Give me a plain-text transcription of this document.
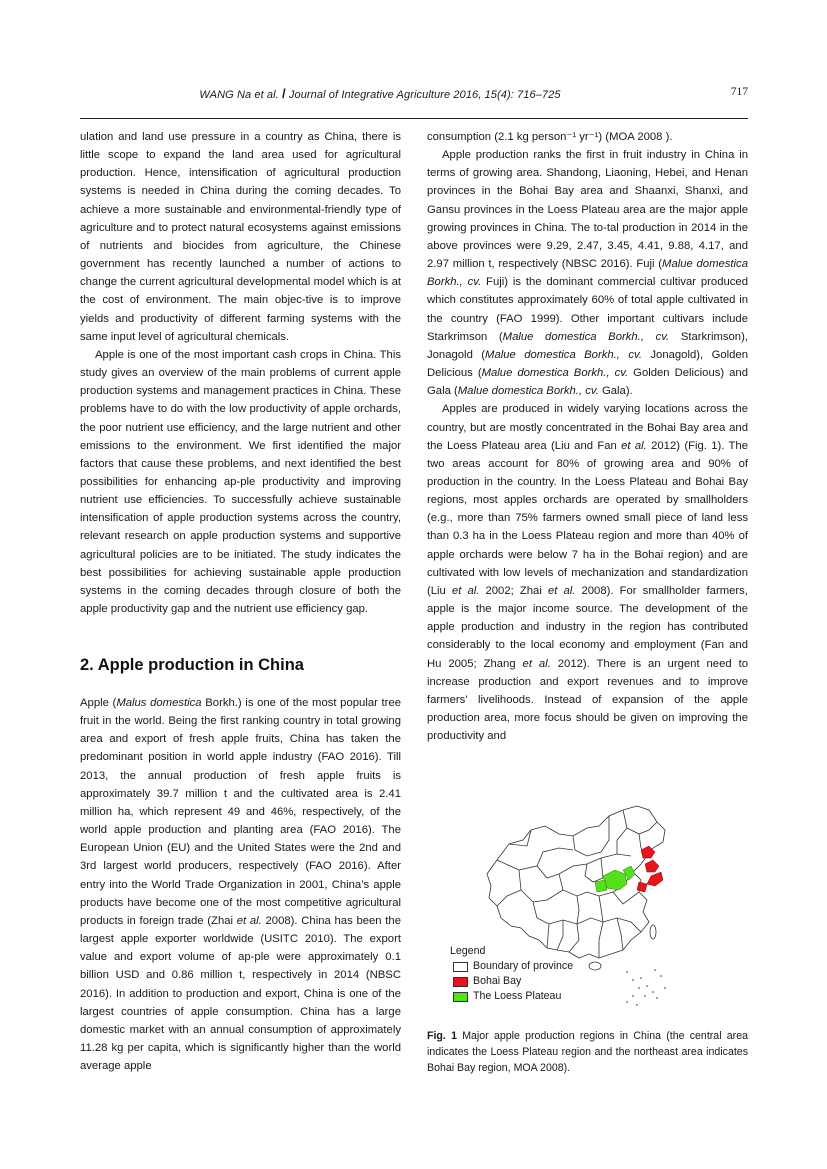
WANG Na et al. / Journal of Integrative Agriculture 2016, 15(4): 716–725	717

ulation and land use pressure in a country as China, there is little scope to expand the land area used for agricultural production. Hence, intensification of agricultural production systems is needed in China during the coming decades. To achieve a more sustainable and environmental-friendly type of agriculture and to protect natural ecosystems against emissions of nutrients and biocides from agriculture, the Chinese government has recently launched a number of actions to change the current agricultural developmental model which is at the cost of environment. The main objec-tive is to improve yields and productivity of different farming systems with the same input level of agricultural chemicals.

Apple is one of the most important cash crops in China. This study gives an overview of the main problems of current apple production systems and management practices in China. These problems have to do with the low productivity of apple orchards, the poor nutrient use efficiency, and the large nutrient and other emissions to the environment. We first identified the major factors that cause these problems, and next identified the best possibilities for enhancing ap-ple productivity and improving nutrient use efficiencies. To successfully achieve sustainable intensification of apple production systems across the country, relevant research on apple production systems and supportive agricultural policies are to be initiated. The study indicates the best possibilities for achieving sustainable apple production systems in the coming decades through closure of both the apple productivity gap and the nutrient use efficiency gap.

2. Apple production in China

Apple (Malus domestica Borkh.) is one of the most popular tree fruit in the world. Being the first ranking country in total growing area and export of fresh apple fruits, China has taken the predominant position in world apple industry (FAO 2016). Till 2013, the annual production of fresh apple fruits is approximately 39.7 million t and the cultivated area is 2.41 million ha, which represent 49 and 46%, respectively, of the world apple production and planting area (FAO 2016). The European Union (EU) and the United States were the 2nd and 3rd largest world producers, respectively (FAO 2016). After entry into the World Trade Organization in 2001, China’s apple products have become one of the most competitive agricultural products in foreign trade (Zhai et al. 2008). China has been the largest apple exporter worldwide (USITC 2010). The export value and export volume of ap-ple were approximately 0.1 billion USD and 0.86 million t, respectively in 2014 (NBSC 2016). In addition to production and export, China is one of the largest countries of apple consumption. China has a large domestic market with an annual consumption of approximately 11.28 kg per capita, which is significantly higher than the world average apple

consumption (2.1 kg person⁻¹ yr⁻¹) (MOA 2008 ).

Apple production ranks the first in fruit industry in China in terms of growing area. Shandong, Liaoning, Hebei, and Henan provinces in the Bohai Bay area and Shaanxi, Shanxi, and Gansu provinces in the Loess Plateau area are the major apple growing provinces in China. The to-tal production in 2014 in the above provinces were 9.29, 2.47, 3.45, 4.41, 9.88, 4.17, and 2.97 million t, respectively (NBSC 2016). Fuji (Malue domestica Borkh., cv. Fuji) is the dominant commercial cultivar produced which constitutes approximately 60% of total apple cultivated in the country (FAO 1999). Other important cultivars include Starkrimson (Malue domestica Borkh., cv. Starkrimson), Jonagold (Malue domestica Borkh., cv. Jonagold), Golden Delicious (Malue domestica Borkh., cv. Golden Delicious) and Gala (Malue domestica Borkh., cv. Gala).

Apples are produced in widely varying locations across the country, but are mostly concentrated in the Bohai Bay area and the Loess Plateau area (Liu and Fan et al. 2012) (Fig. 1). The two areas account for 80% of growing area and 90% of production in the country. In the Loess Plateau and Bohai Bay regions, most apples orchards are operated by smallholders (e.g., more than 75% farmers owned small piece of land less than 0.3 ha in the Loess Plateau region and more than 40% of apple orchards were below 7 ha in the Bohai region) and are cultivated with low levels of mechanization and standardization (Liu et al. 2002; Zhai et al. 2008). For smallholder farmers, apple is the major income source. The development of the apple production and industry in the region has contributed considerably to the local economy and employment (Fan and Hu 2005; Zhang et al. 2012). There is an urgent need to increase production and export revenues and to improve farmers’ livelihoods. Instead of expansion of the apple production area, more focus should be given on improving the productivity and

Legend
Boundary of province
Bohai Bay
The Loess Plateau
Fig. 1 Major apple production regions in China (the central area indicates the Loess Plateau region and the northeast area indicates Bohai Bay region, MOA 2008).
